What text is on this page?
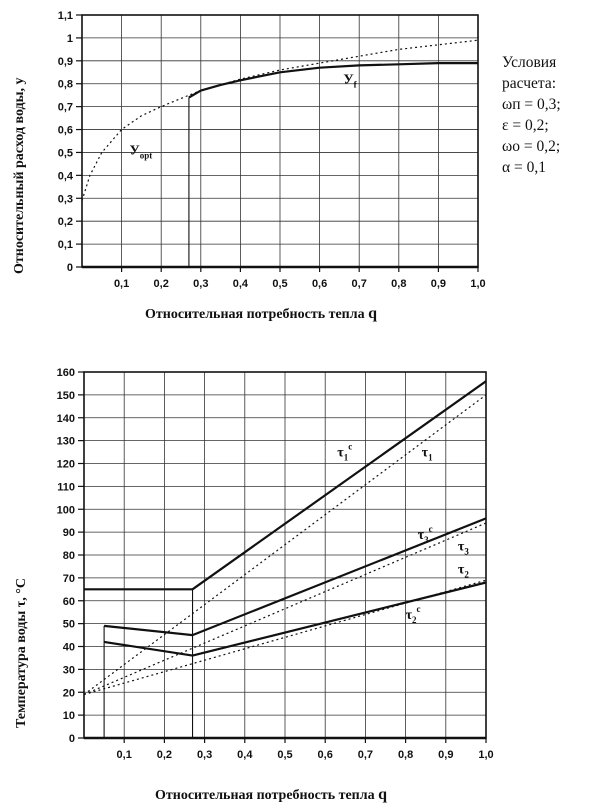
0
0,1
0,2
0,3
0,4
0,5
0,6
0,7
0,8
0,9
1
1,1
0,1 0,2 0,3 0,4 0,5 0,6 0,7 0,8 0,9 1,0
$У_f$
$У_{opt}$
0
10
20
30
40
50
60
70
80
90
100
110
120
130
140
150
160
0,1 0,2 0,3 0,4 0,5 0,6 0,7 0,8 0,9 1,0
$\tau_1^c$	$\tau_1$
$\tau_3^c$
$\tau_3$
$\tau_2$
$\tau_2^c$
Относительный расход воды, y
Относительная потребность тепла q
Условия
расчета:
ωп = 0,3;
ε = 0,2;
ωо = 0,2;
α = 0,1
Температура воды τ, °C
Относительная потребность тепла q
